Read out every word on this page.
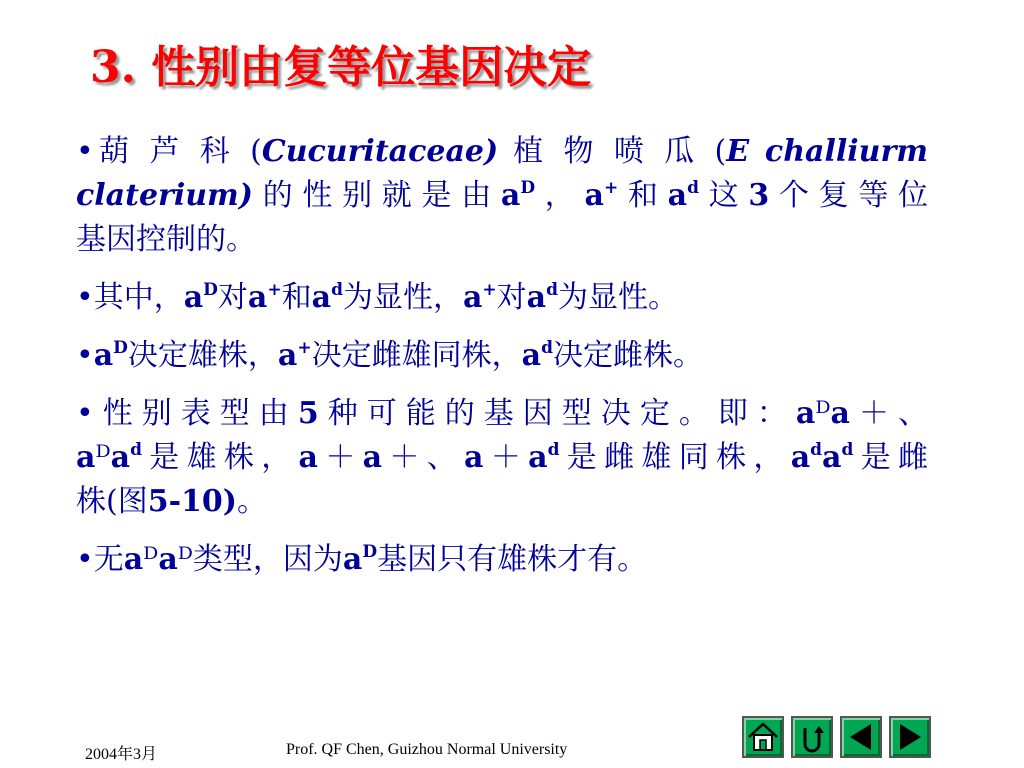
3. 性别由复等位基因决定
•葫 芦 科 (Cucuritaceae) 植 物 喷 瓜 (E challiurm
claterium)的性别就是由$a^D$，a+和$a^d$这3个复等位
基因控制的。
•其中，$a^D$对a+和$a^d$为显性，a+对$a^d$为显性。
$•a^D$决定雄株，a+决定雌雄同株，$a^d$决定雌株。
•性别表型由5种可能的基因型决定。即：aᴰa＋、
aᴰa$^d$是雄株，a＋a＋、$a+a^d$是雌雄同株，$a^da^d$是雌
株(图5-10)。
•无aᴰaᴰ类型，因为$a^D$基因只有雄株才有。
2004年3月	Prof. QF Chen, Guizhou Normal University
